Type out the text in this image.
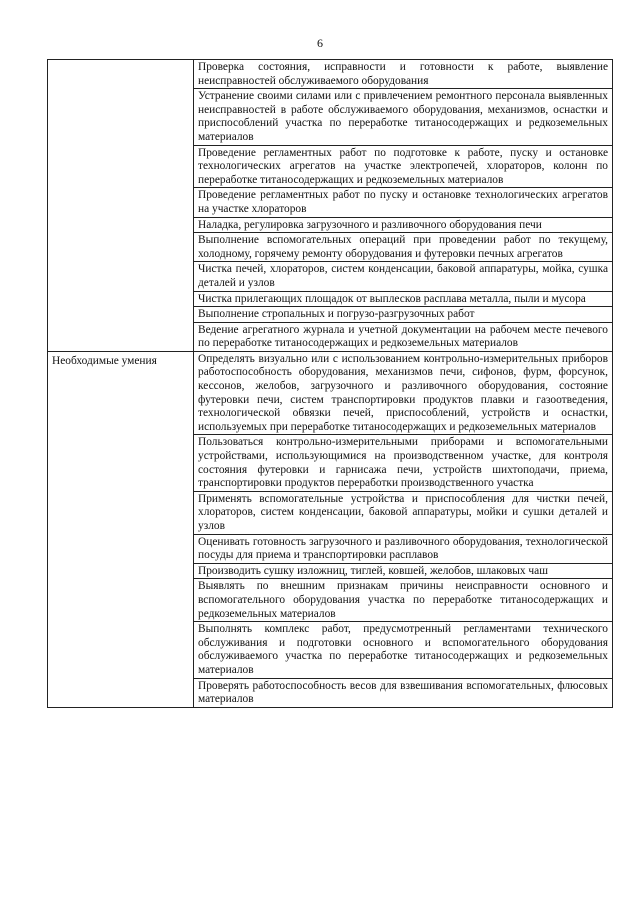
6
	Проверка состояния, исправности и готовности к работе, выявление неисправностей обслуживаемого оборудования
	Устранение своими силами или с привлечением ремонтного персонала выявленных неисправностей в работе обслуживаемого оборудования, механизмов, оснастки и приспособлений участка по переработке титаносодержащих и редкоземельных материалов
	Проведение регламентных работ по подготовке к работе, пуску и остановке технологических агрегатов на участке электропечей, хлораторов, колонн по переработке титаносодержащих и редкоземельных материалов
	Проведение регламентных работ по пуску и остановке технологических агрегатов на участке хлораторов
	Наладка, регулировка загрузочного и разливочного оборудования печи
	Выполнение вспомогательных операций при проведении работ по текущему, холодному, горячему ремонту оборудования и футеровки печных агрегатов
	Чистка печей, хлораторов, систем конденсации, баковой аппаратуры, мойка, сушка деталей и узлов
	Чистка прилегающих площадок от выплесков расплава металла, пыли и мусора
	Выполнение стропальных и погрузо-разгрузочных работ
	Ведение агрегатного журнала и учетной документации на рабочем месте печевого по переработке титаносодержащих и редкоземельных материалов
Необходимые умения	Определять визуально или с использованием контрольно-измерительных приборов работоспособность оборудования, механизмов печи, сифонов, фурм, форсунок, кессонов, желобов, загрузочного и разливочного оборудования, состояние футеровки печи, систем транспортировки продуктов плавки и газоотведения, технологической обвязки печей, приспособлений, устройств и оснастки, используемых при переработке титаносодержащих и редкоземельных материалов
	Пользоваться контрольно-измерительными приборами и вспомогательными устройствами, использующимися на производственном участке, для контроля состояния футеровки и гарнисажа печи, устройств шихтоподачи, приема, транспортировки продуктов переработки производственного участка
	Применять вспомогательные устройства и приспособления для чистки печей, хлораторов, систем конденсации, баковой аппаратуры, мойки и сушки деталей и узлов
	Оценивать готовность загрузочного и разливочного оборудования, технологической посуды для приема и транспортировки расплавов
	Производить сушку изложниц, тиглей, ковшей, желобов, шлаковых чаш
	Выявлять по внешним признакам причины неисправности основного и вспомогательного оборудования участка по переработке титаносодержащих и редкоземельных материалов
	Выполнять комплекс работ, предусмотренный регламентами технического обслуживания и подготовки основного и вспомогательного оборудования обслуживаемого участка по переработке титаносодержащих и редкоземельных материалов
	Проверять работоспособность весов для взвешивания вспомогательных, флюсовых материалов
